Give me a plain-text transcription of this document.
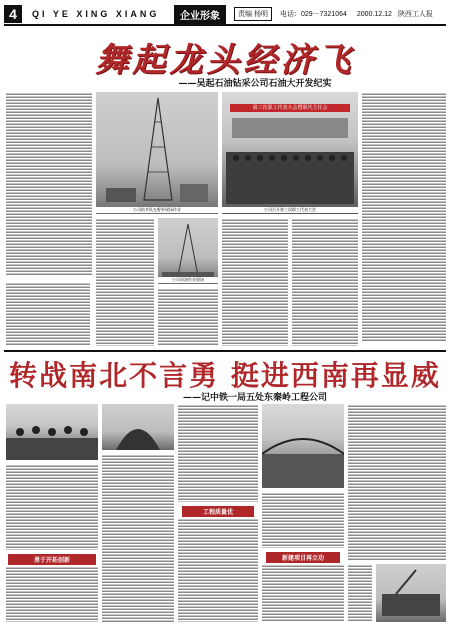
4	QI YE XING XIANG	企业形象	责编 杨明	电话：029－7321064 2000.12.12 陕西工人报
舞起龙头经济飞
——吴起石油钻采公司石油大开发纪实
公司钻井队在野外现场作业
第三次职工代表大会暨职代主任会
公司召开第三次职工代表大会
公司采油作业现场
转战南北不言勇 挺进西南再显威
——记中铁一局五处东秦岭工程公司
勇于开拓创新
工程质量优
新建项目再立功
